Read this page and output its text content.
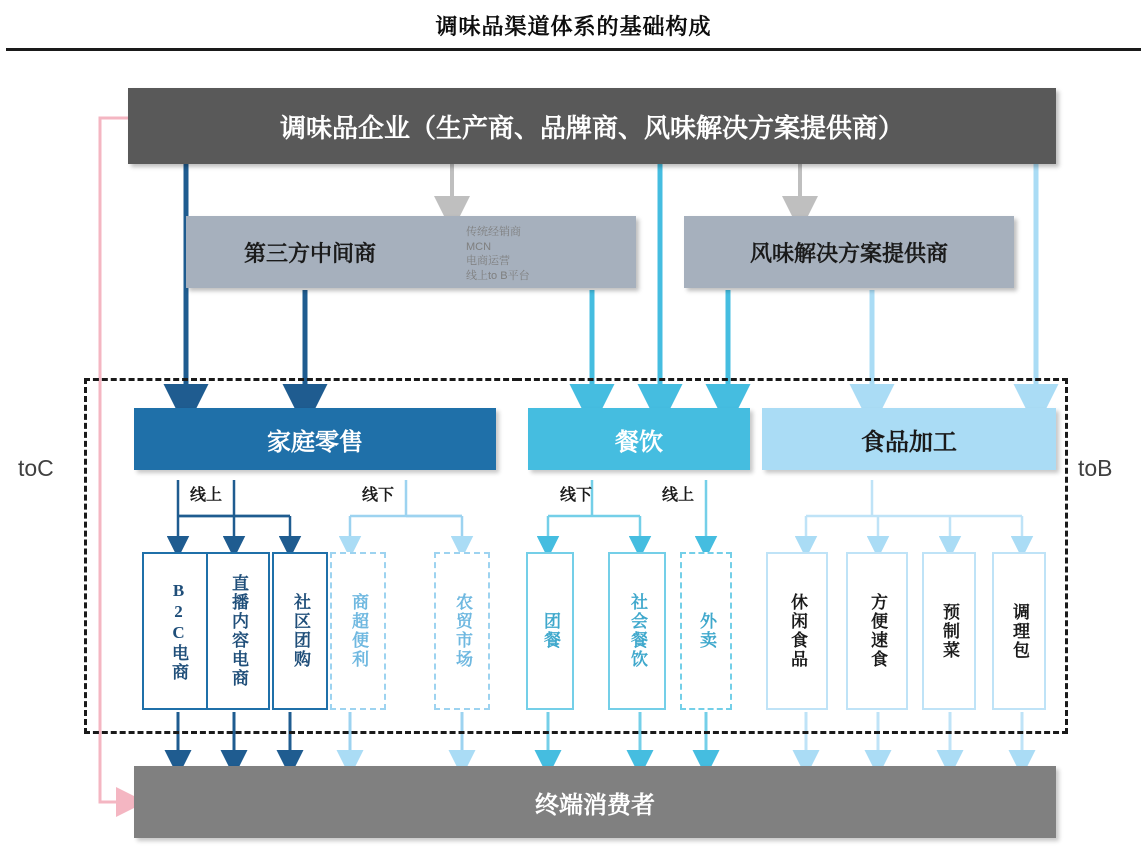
调味品渠道体系的基础构成
调味品企业（生产商、品牌商、风味解决方案提供商）
第三方中间商
传统经销商
MCN
电商运营
线上to B平台
风味解决方案提供商
toC	toB
家庭零售	餐饮	食品加工
线上	线下	线下	线上
B2C电商	直播内容电商	社区团购	商超便利	农贸市场	团餐	社会餐饮	外卖	休闲食品	方便速食	预制菜	调理包
终端消费者
